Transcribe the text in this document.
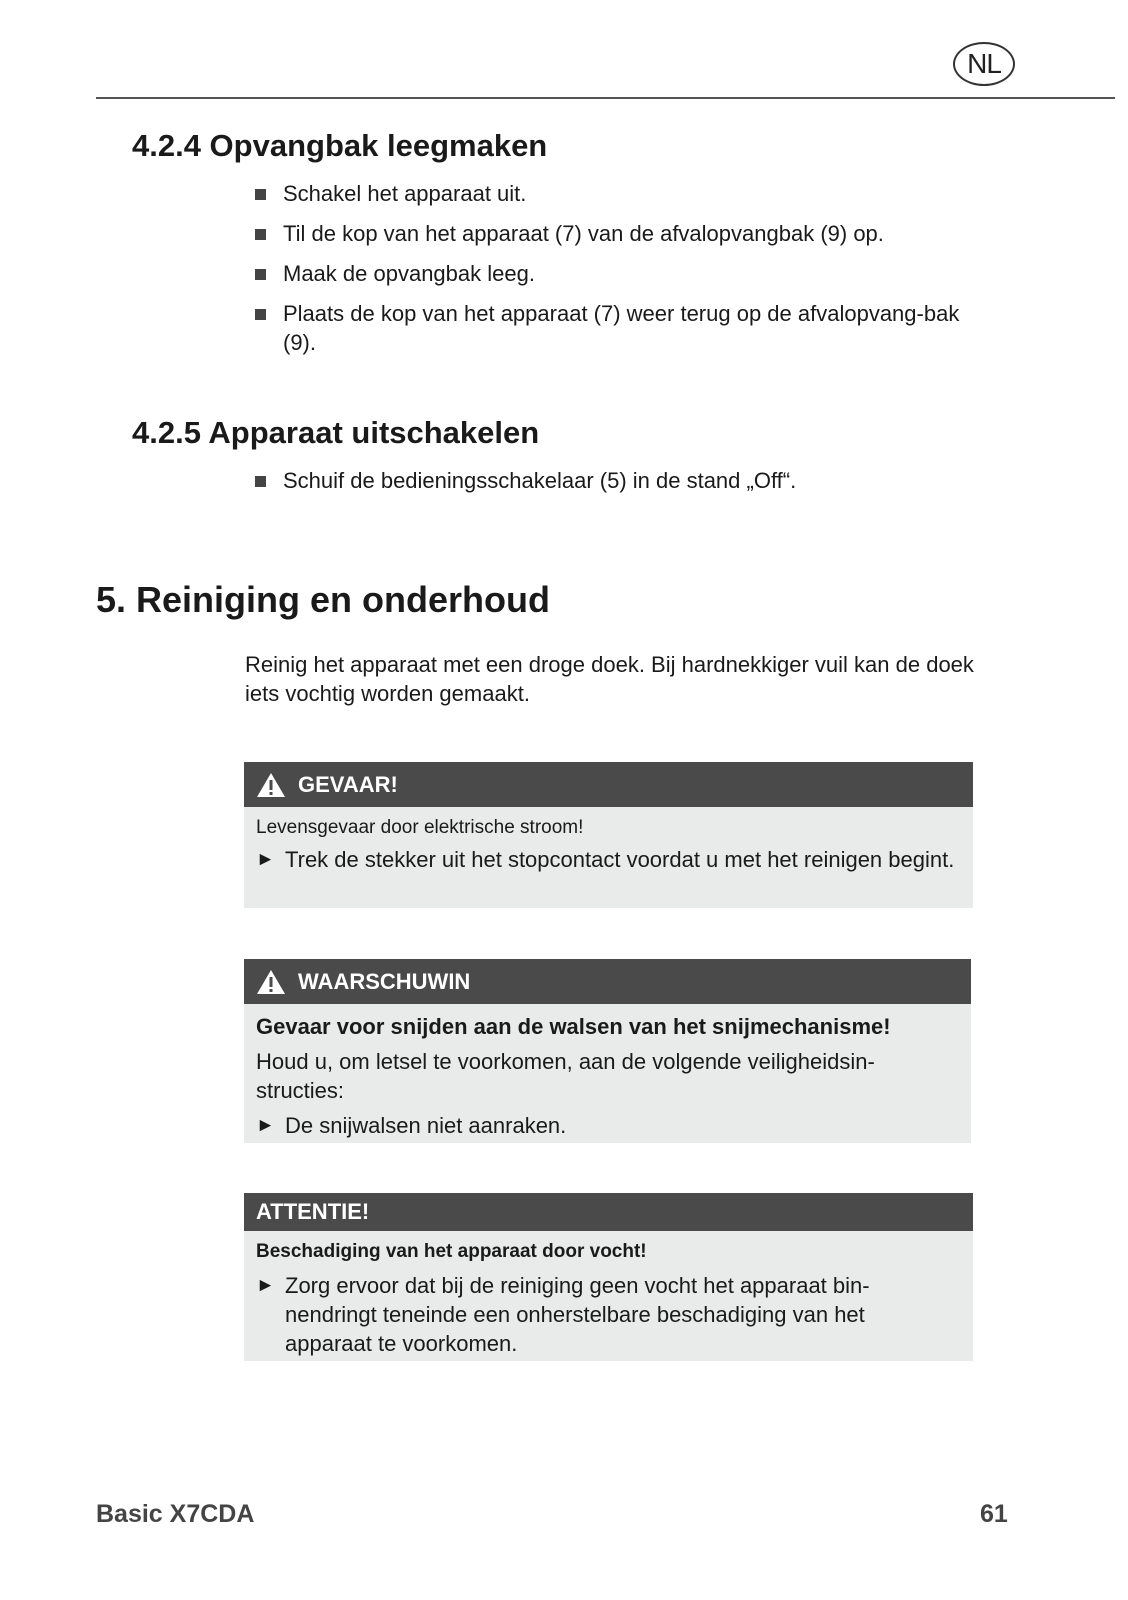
NL
4.2.4 Opvangbak leegmaken
Schakel het apparaat uit.
Til de kop van het apparaat (7) van de afvalopvangbak (9) op.
Maak de opvangbak leeg.
Plaats de kop van het apparaat (7) weer terug op de afvalopvang-bak (9).
4.2.5 Apparaat uitschakelen
Schuif de bedieningsschakelaar (5) in de stand „Off“.
5. Reiniging en onderhoud
Reinig het apparaat met een droge doek. Bij hardnekkiger vuil kan de doek iets vochtig worden gemaakt.
GEVAAR!
Levensgevaar door elektrische stroom!
► Trek de stekker uit het stopcontact voordat u met het reinigen begint.
WAARSCHUWIN
Gevaar voor snijden aan de walsen van het snijmechanisme!
Houd u, om letsel te voorkomen, aan de volgende veiligheidsin-structies:
► De snijwalsen niet aanraken.
ATTENTIE!
Beschadiging van het apparaat door vocht!
► Zorg ervoor dat bij de reiniging geen vocht het apparaat bin-nendringt teneinde een onherstelbare beschadiging van het apparaat te voorkomen.
Basic X7CDA	61
